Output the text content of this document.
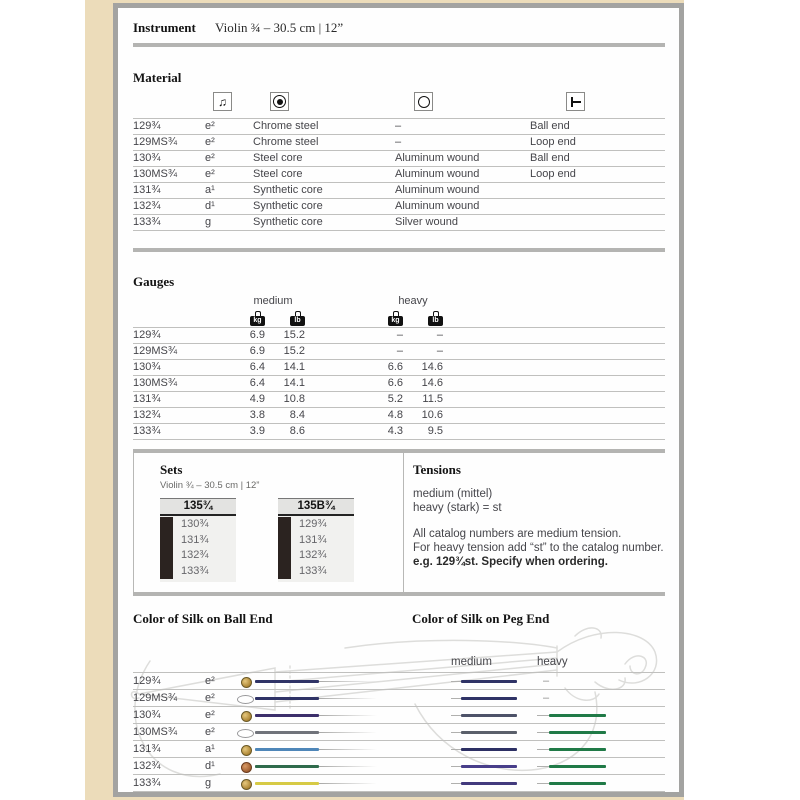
Instrument Violin ¾ – 30.5 cm | 12”
Material
♫
129¾	e²	Chrome steel	–	Ball end
129MS¾	e²	Chrome steel	–	Loop end
130¾	e²	Steel core	Aluminum wound	Ball end
130MS¾	e²	Steel core	Aluminum wound	Loop end
131¾	a¹	Synthetic core	Aluminum wound
132¾	d¹	Synthetic core	Aluminum wound
133¾	g	Synthetic core	Silver wound
Gauges
medium	heavy
kg	lb	kg	lb
129¾	6.9	15.2	–	–
129MS¾	6.9	15.2	–	–
130¾	6.4	14.1	6.6	14.6
130MS¾	6.4	14.1	6.6	14.6
131¾	4.9	10.8	5.2	11.5
132¾	3.8	8.4	4.8	10.6
133¾	3.9	8.6	4.3	9.5
Sets
Violin ¾ – 30.5 cm | 12”
135¾
130¾
131¾
132¾
133¾
135B¾
129¾
131¾
132¾
133¾
Tensions
medium (mittel)
heavy (stark) = st
All catalog numbers are medium tension.
For heavy tension add “st” to the catalog number.
e.g. 129¾st. Specify when ordering.
Color of Silk on Ball End	Color of Silk on Peg End
medium	heavy
129¾	e²	–
129MS¾	e²	–
130¾	e²
130MS¾	e²
131¾	a¹
132¾	d¹
133¾	g
